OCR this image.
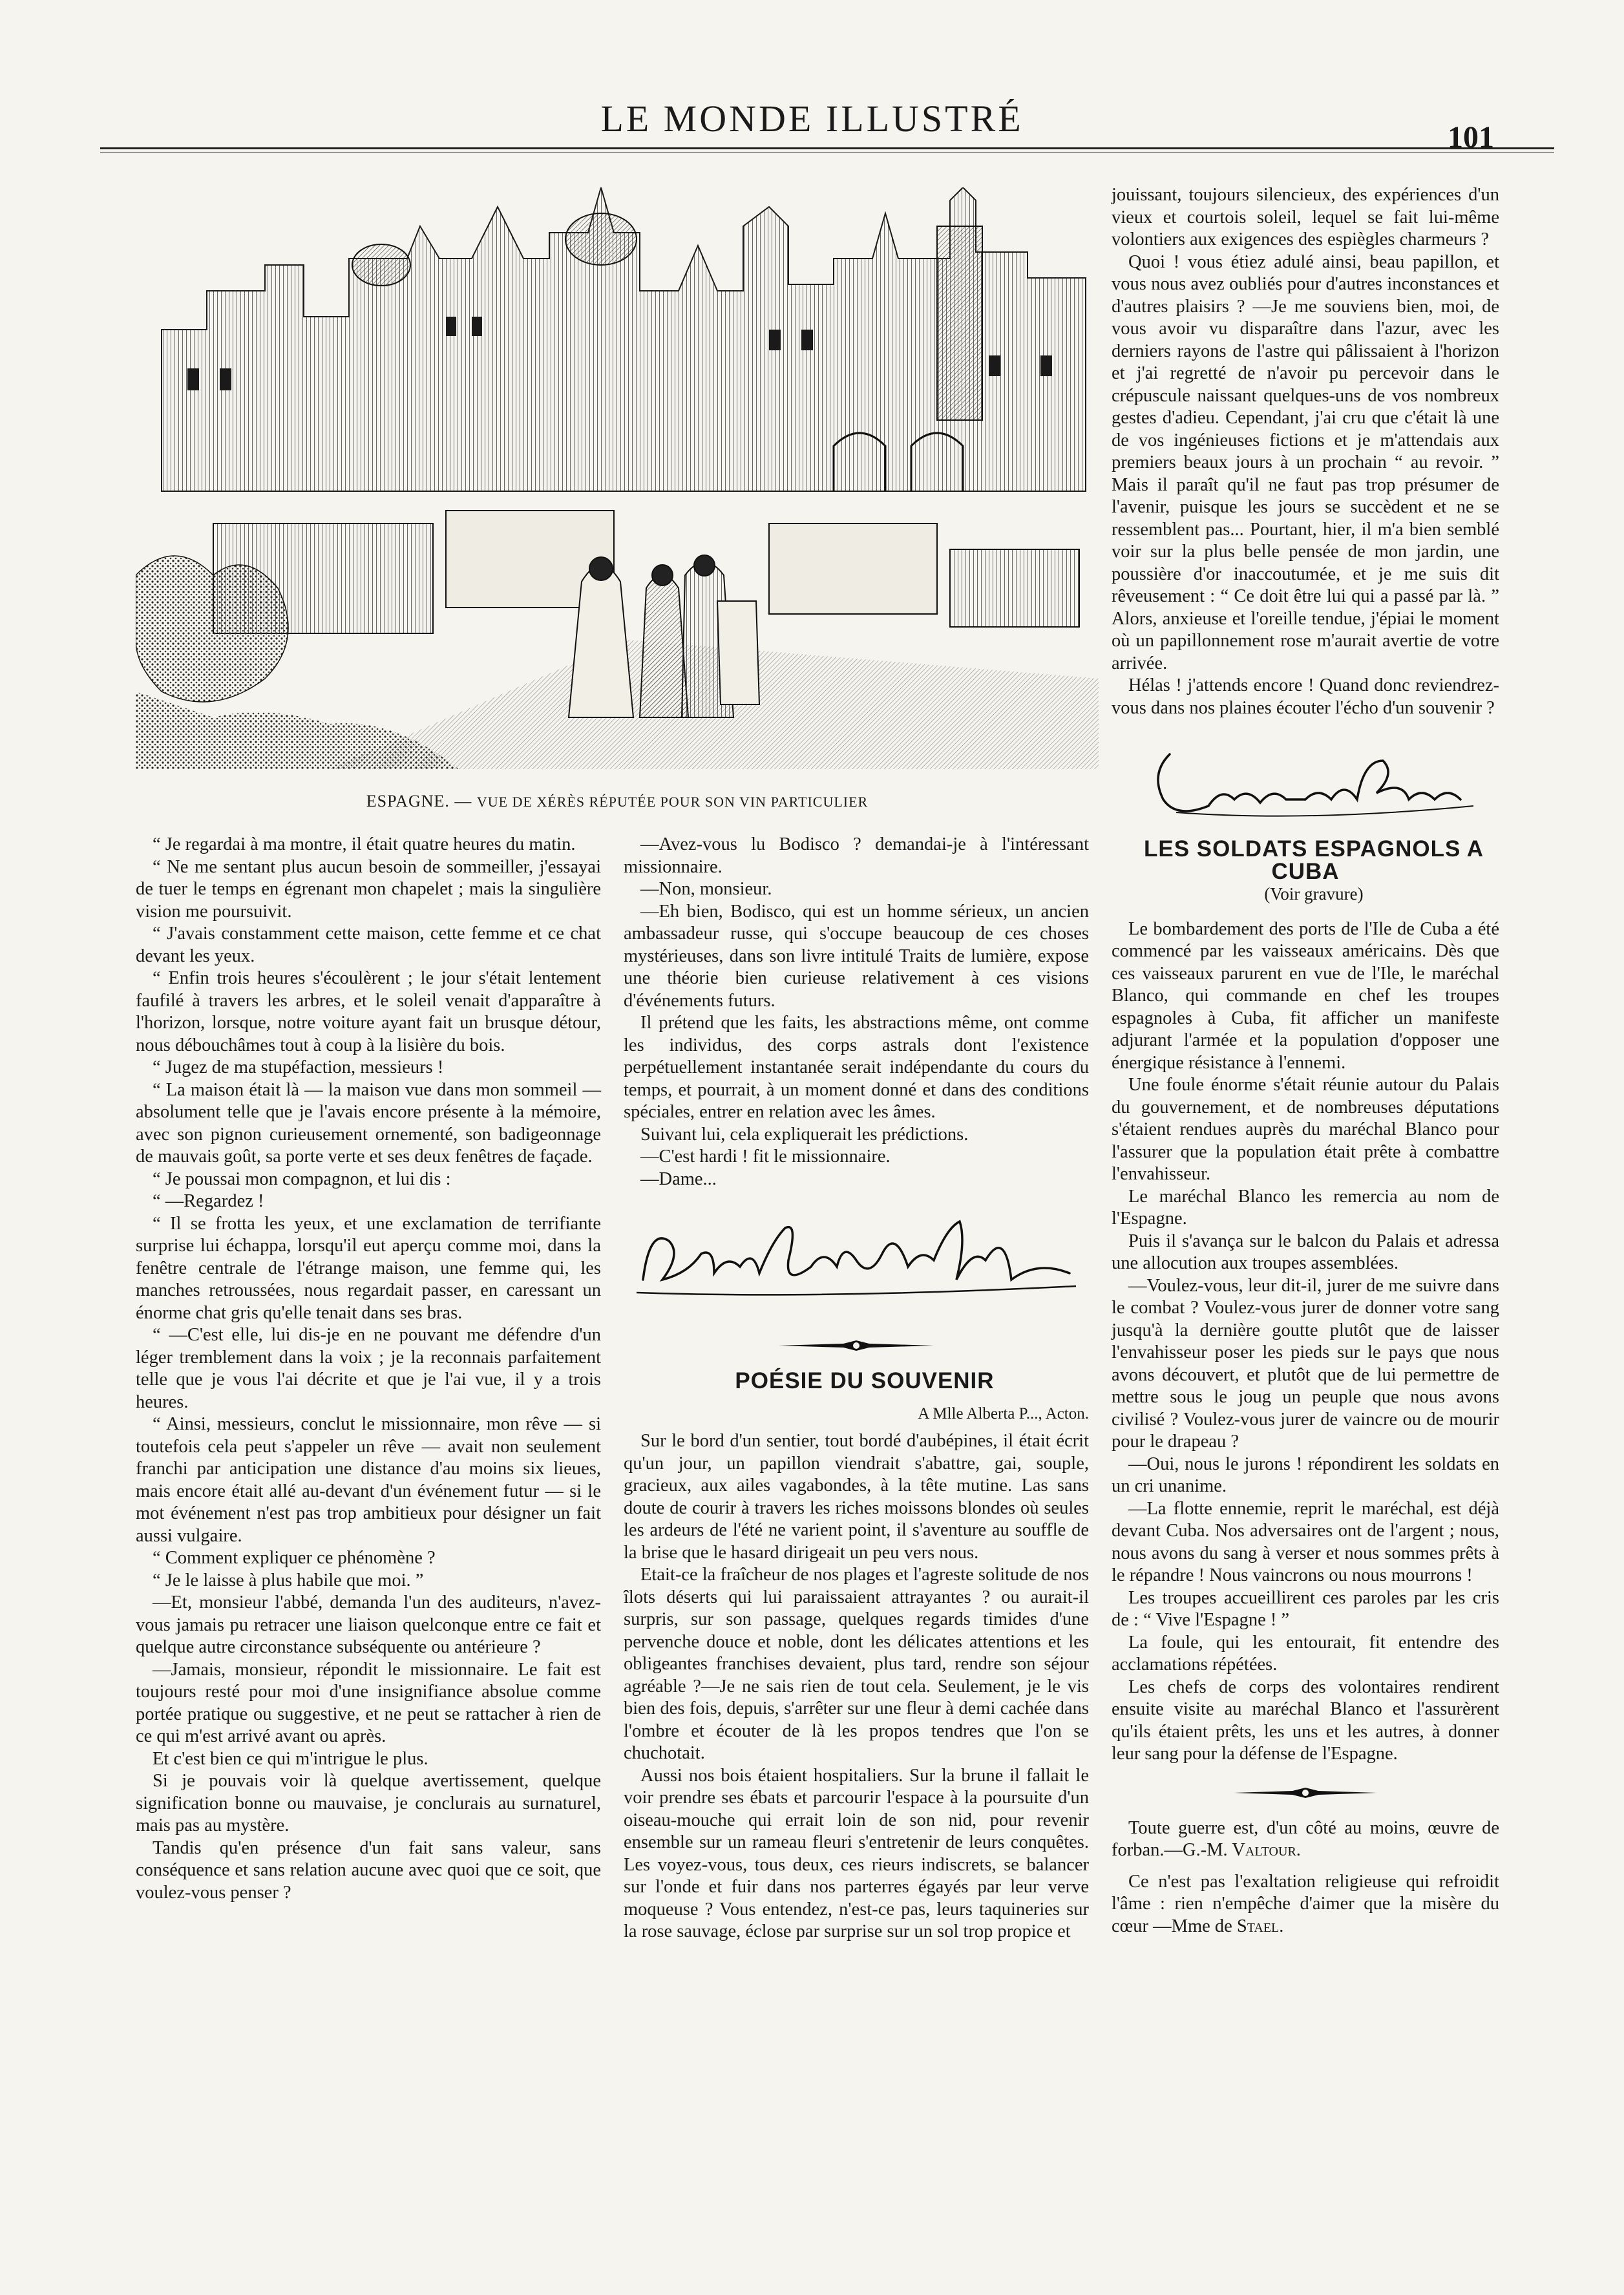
LE MONDE ILLUSTRÉ	101
ESPAGNE. — VUE DE XÉRÈS RÉPUTÉE POUR SON VIN PARTICULIER

“ Je regardai à ma montre, il était quatre heures du matin.

“ Ne me sentant plus aucun besoin de sommeiller, j'essayai de tuer le temps en égrenant mon chapelet ; mais la singulière vision me poursuivit.

“ J'avais constamment cette maison, cette femme et ce chat devant les yeux.

“ Enfin trois heures s'écoulèrent ; le jour s'était lentement faufilé à travers les arbres, et le soleil venait d'apparaître à l'horizon, lorsque, notre voiture ayant fait un brusque détour, nous débouchâmes tout à coup à la lisière du bois.

“ Jugez de ma stupéfaction, messieurs !

“ La maison était là — la maison vue dans mon sommeil — absolument telle que je l'avais encore présente à la mémoire, avec son pignon curieusement ornementé, son badigeonnage de mauvais goût, sa porte verte et ses deux fenêtres de façade.

“ Je poussai mon compagnon, et lui dis :

“ —Regardez !

“ Il se frotta les yeux, et une exclamation de terrifiante surprise lui échappa, lorsqu'il eut aperçu comme moi, dans la fenêtre centrale de l'étrange maison, une femme qui, les manches retroussées, nous regardait passer, en caressant un énorme chat gris qu'elle tenait dans ses bras.

“ —C'est elle, lui dis-je en ne pouvant me défendre d'un léger tremblement dans la voix ; je la reconnais parfaitement telle que je vous l'ai décrite et que je l'ai vue, il y a trois heures.

“ Ainsi, messieurs, conclut le missionnaire, mon rêve — si toutefois cela peut s'appeler un rêve — avait non seulement franchi par anticipation une distance d'au moins six lieues, mais encore était allé au-devant d'un événement futur — si le mot événement n'est pas trop ambitieux pour désigner un fait aussi vulgaire.

“ Comment expliquer ce phénomène ?

“ Je le laisse à plus habile que moi. ”

—Et, monsieur l'abbé, demanda l'un des auditeurs, n'avez-vous jamais pu retracer une liaison quelconque entre ce fait et quelque autre circonstance subséquente ou antérieure ?

—Jamais, monsieur, répondit le missionnaire. Le fait est toujours resté pour moi d'une insignifiance absolue comme portée pratique ou suggestive, et ne peut se rattacher à rien de ce qui m'est arrivé avant ou après.

Et c'est bien ce qui m'intrigue le plus.

Si je pouvais voir là quelque avertissement, quelque signification bonne ou mauvaise, je conclurais au surnaturel, mais pas au mystère.

Tandis qu'en présence d'un fait sans valeur, sans conséquence et sans relation aucune avec quoi que ce soit, que voulez-vous penser ?

—Avez-vous lu Bodisco ? demandai-je à l'intéressant missionnaire.

—Non, monsieur.

—Eh bien, Bodisco, qui est un homme sérieux, un ancien ambassadeur russe, qui s'occupe beaucoup de ces choses mystérieuses, dans son livre intitulé Traits de lumière, expose une théorie bien curieuse relativement à ces visions d'événements futurs.

Il prétend que les faits, les abstractions même, ont comme les individus, des corps astrals dont l'existence perpétuellement instantanée serait indépendante du cours du temps, et pourrait, à un moment donné et dans des conditions spéciales, entrer en relation avec les âmes.

Suivant lui, cela expliquerait les prédictions.

—C'est hardi ! fit le missionnaire.

—Dame...

POÉSIE DU SOUVENIR

A Mlle Alberta P..., Acton.

Sur le bord d'un sentier, tout bordé d'aubépines, il était écrit qu'un jour, un papillon viendrait s'abattre, gai, souple, gracieux, aux ailes vagabondes, à la tête mutine. Las sans doute de courir à travers les riches moissons blondes où seules les ardeurs de l'été ne varient point, il s'aventure au souffle de la brise que le hasard dirigeait un peu vers nous.

Etait-ce la fraîcheur de nos plages et l'agreste solitude de nos îlots déserts qui lui paraissaient attrayantes ? ou aurait-il surpris, sur son passage, quelques regards timides d'une pervenche douce et noble, dont les délicates attentions et les obligeantes franchises devaient, plus tard, rendre son séjour agréable ?—Je ne sais rien de tout cela. Seulement, je le vis bien des fois, depuis, s'arrêter sur une fleur à demi cachée dans l'ombre et écouter de là les propos tendres que l'on se chuchotait.

Aussi nos bois étaient hospitaliers. Sur la brune il fallait le voir prendre ses ébats et parcourir l'espace à la poursuite d'un oiseau-mouche qui errait loin de son nid, pour revenir ensemble sur un rameau fleuri s'entretenir de leurs conquêtes. Les voyez-vous, tous deux, ces rieurs indiscrets, se balancer sur l'onde et fuir dans nos parterres égayés par leur verve moqueuse ? Vous entendez, n'est-ce pas, leurs taquineries sur la rose sauvage, éclose par surprise sur un sol trop propice et

jouissant, toujours silencieux, des expériences d'un vieux et courtois soleil, lequel se fait lui-même volontiers aux exigences des espiègles charmeurs ?

Quoi ! vous étiez adulé ainsi, beau papillon, et vous nous avez oubliés pour d'autres inconstances et d'autres plaisirs ? —Je me souviens bien, moi, de vous avoir vu disparaître dans l'azur, avec les derniers rayons de l'astre qui pâlissaient à l'horizon et j'ai regretté de n'avoir pu percevoir dans le crépuscule naissant quelques-uns de vos nombreux gestes d'adieu. Cependant, j'ai cru que c'était là une de vos ingénieuses fictions et je m'attendais aux premiers beaux jours à un prochain “ au revoir. ” Mais il paraît qu'il ne faut pas trop présumer de l'avenir, puisque les jours se succèdent et ne se ressemblent pas... Pourtant, hier, il m'a bien semblé voir sur la plus belle pensée de mon jardin, une poussière d'or inaccoutumée, et je me suis dit rêveusement : “ Ce doit être lui qui a passé par là. ” Alors, anxieuse et l'oreille tendue, j'épiai le moment où un papillonnement rose m'aurait avertie de votre arrivée.

Hélas ! j'attends encore ! Quand donc reviendrez-vous dans nos plaines écouter l'écho d'un souvenir ?

LES SOLDATS ESPAGNOLS A CUBA

(Voir gravure)

Le bombardement des ports de l'Ile de Cuba a été commencé par les vaisseaux américains. Dès que ces vaisseaux parurent en vue de l'Ile, le maréchal Blanco, qui commande en chef les troupes espagnoles à Cuba, fit afficher un manifeste adjurant l'armée et la population d'opposer une énergique résistance à l'ennemi.

Une foule énorme s'était réunie autour du Palais du gouvernement, et de nombreuses députations s'étaient rendues auprès du maréchal Blanco pour l'assurer que la population était prête à combattre l'envahisseur.

Le maréchal Blanco les remercia au nom de l'Espagne.

Puis il s'avança sur le balcon du Palais et adressa une allocution aux troupes assemblées.

—Voulez-vous, leur dit-il, jurer de me suivre dans le combat ? Voulez-vous jurer de donner votre sang jusqu'à la dernière goutte plutôt que de laisser l'envahisseur poser les pieds sur le pays que nous avons découvert, et plutôt que de lui permettre de mettre sous le joug un peuple que nous avons civilisé ? Voulez-vous jurer de vaincre ou de mourir pour le drapeau ?

—Oui, nous le jurons ! répondirent les soldats en un cri unanime.

—La flotte ennemie, reprit le maréchal, est déjà devant Cuba. Nos adversaires ont de l'argent ; nous, nous avons du sang à verser et nous sommes prêts à le répandre ! Nous vaincrons ou nous mourrons !

Les troupes accueillirent ces paroles par les cris de : “ Vive l'Espagne ! ”

La foule, qui les entourait, fit entendre des acclamations répétées.

Les chefs de corps des volontaires rendirent ensuite visite au maréchal Blanco et l'assurèrent qu'ils étaient prêts, les uns et les autres, à donner leur sang pour la défense de l'Espagne.

Toute guerre est, d'un côté au moins, œuvre de forban.—G.-M. Valtour.

Ce n'est pas l'exaltation religieuse qui refroidit l'âme : rien n'empêche d'aimer que la misère du cœur —Mme de Stael.
